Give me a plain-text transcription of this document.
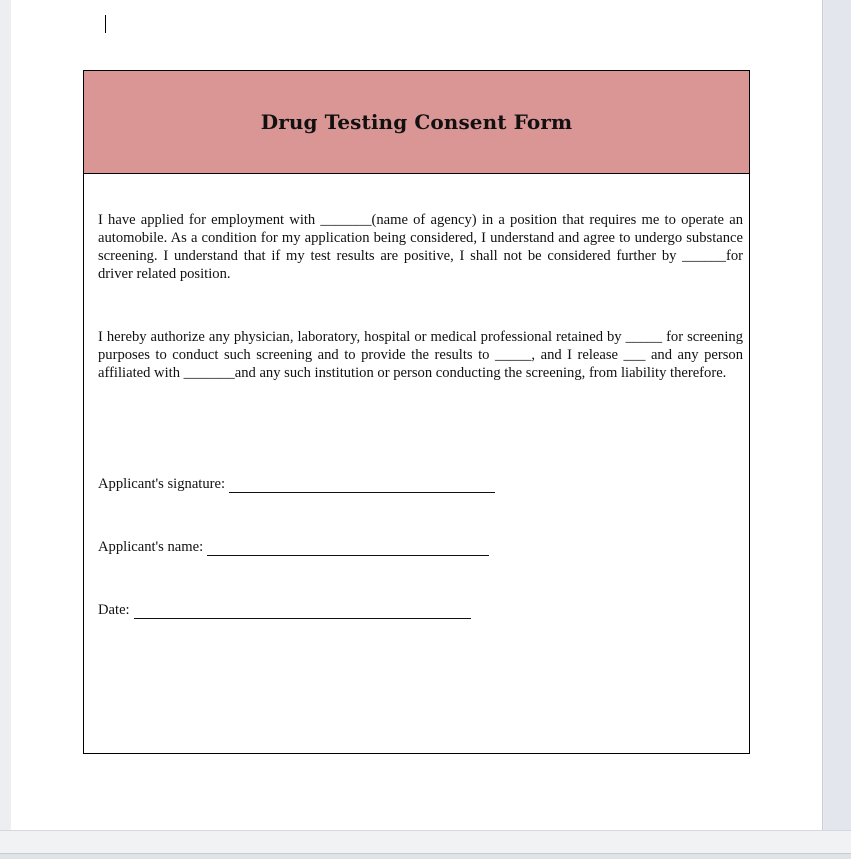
Drug Testing Consent Form

I have applied for employment with _______(name of agency) in a position that requires me to operate an automobile. As a condition for my application being considered, I understand and agree to undergo substance screening. I understand that if my test results are positive, I shall not be considered further by ______for driver related position.

I hereby authorize any physician, laboratory, hospital or medical professional retained by _____ for screening purposes to conduct such screening and to provide the results to _____, and I release ___ and any person affiliated with _______and any such institution or person conducting the screening, from liability therefore.

Applicant's signature:
Applicant's name:
Date:
